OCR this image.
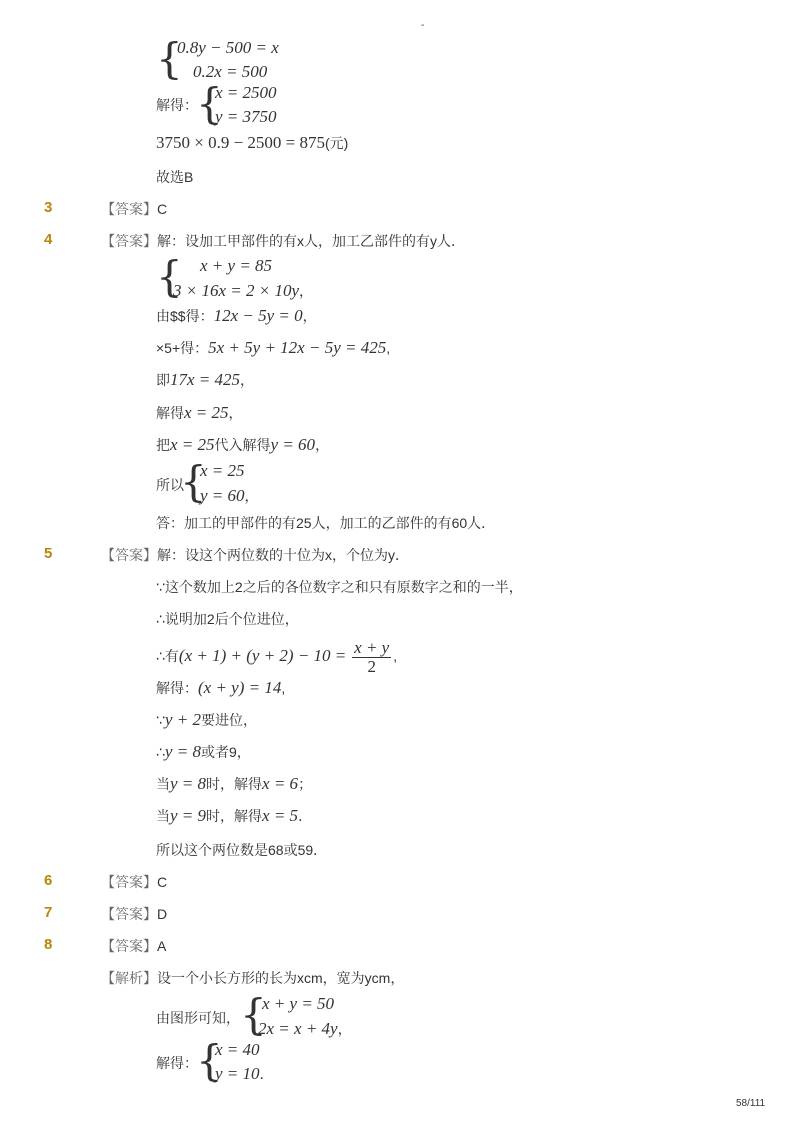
-
{
0.8y − 500 = x
0.2x = 500
解得：
{
x = 2500
y = 3750
3750 × 0.9 − 2500 = 875(元)
故选B
3	【答案】C
4	【答案】解：设加工甲部件的有x人，加工乙部件的有y人．
{ x + y = 85
3 × 16x = 2 × 10y，
由$$得：12x − 5y = 0，
×5+得：5x + 5y + 12x − 5y = 425,
即17x = 425，
解得x = 25，
把x = 25代入解得y = 60，
所以
{
x = 25
y = 60，
答：加工的甲部件的有25人，加工的乙部件的有60人．
5	【答案】解：设这个两位数的十位为x，个位为y．
∵这个数加上2之后的各位数字之和只有原数字之和的一半，
∴说明加2后个位进位，
∴有$(x + 1) + (y + 2) - 10 = \frac{x + y}{2}$ ,
解得：(x + y) = 14,
∵y + 2要进位，
∴y = 8或者9，
当y = 8时，解得x = 6；
当y = 9时，解得x = 5．
所以这个两位数是68或59．
6	【答案】C
7	【答案】D
8	【答案】A
【解析】设一个小长方形的长为xcm，宽为ycm，
由图形可知， {
x + y = 50
2x = x + 4y，
解得：
{
x = 40
y = 10．
58/111
